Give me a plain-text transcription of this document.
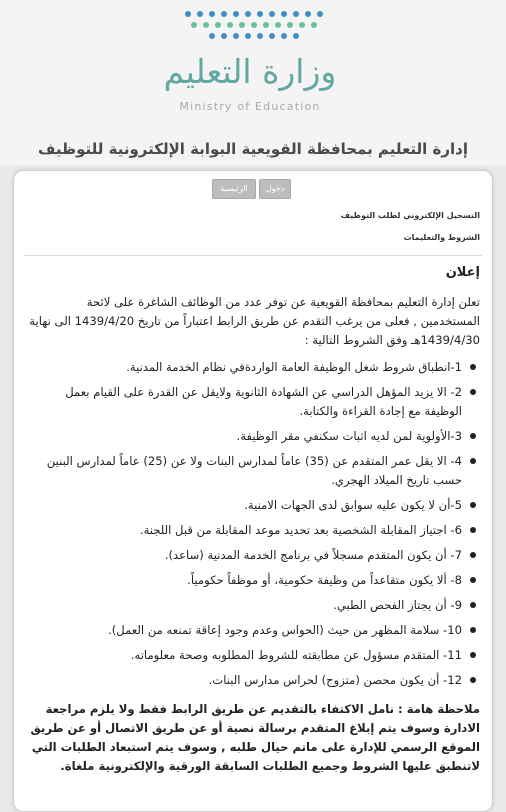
وزارة التعليم
Ministry of Education
إدارة التعليم بمحافظة القويعية البوابة الإلكترونية للتوظيف
الرئيسية	دخول
التسجيل الإلكتروني لطلب التوظيف
الشروط والتعليمات
إعلان

تعلن إدارة التعليم بمحافظة القويعية عن توفر عدد من الوظائف الشاغرة على لائحة المستخدمين , فعلى من يرغب التقدم عن طريق الرابط اعتباراً من تاريخ 1439/4/20 الى نهاية 1439/4/30هـ وفق الشروط التالية :

1-انطباق شروط شغل الوظيفة العامة الواردةفي نظام الخدمة المدنية.
2- الا يزيد المؤهل الدراسي عن الشهادة الثانوية ولايقل عن القدرة على القيام بعمل الوظيفة مع إجادة القراءة والكتابة.
3-الأولوية لمن لديه اثبات سكنفي مقر الوظيفة.
4- الا يقل عمر المتقدم عن (35) عاماً لمدارس البنات ولا عن (25) عاماً لمدارس البنين حسب تاريخ الميلاد الهجري.
5-أن لا يكون عليه سوابق لدى الجهات الامنية.
6- اجتياز المقابلة الشخصية بعد تحديد موعد المقابلة من قبل اللجنة.
7- أن يكون المتقدم مسجلاً في برنامج الخدمة المدنية (ساعد).
8- ألا يكون متقاعداً من وظيفة حكومية، أو موظفاً حكومياً.
9- أن يجتاز الفحص الطبي.
10- سلامة المظهر من حيث (الحواس وعدم وجود إعاقة تمنعه من العمل).
11- المتقدم مسؤول عن مطابقته للشروط المطلوبه وصحة معلوماته.
12- أن يكون محصن (متزوج) لحراس مدارس البنات.

ملاحظة هامة : نامل الاكتفاء بالتقديم عن طريق الرابط فقط ولا يلزم مراجعة الادارة وسوف يتم إبلاغ المتقدم برسالة نصية أو عن طريق الاتصال أو عن طريق الموقع الرسمي للإدارة على ماتم حيال طلبه , وسوف يتم استبعاد الطلبات التي لاتنطبق عليها الشروط وجميع الطلبات السابقة الورقية والإلكترونية ملغاة.
